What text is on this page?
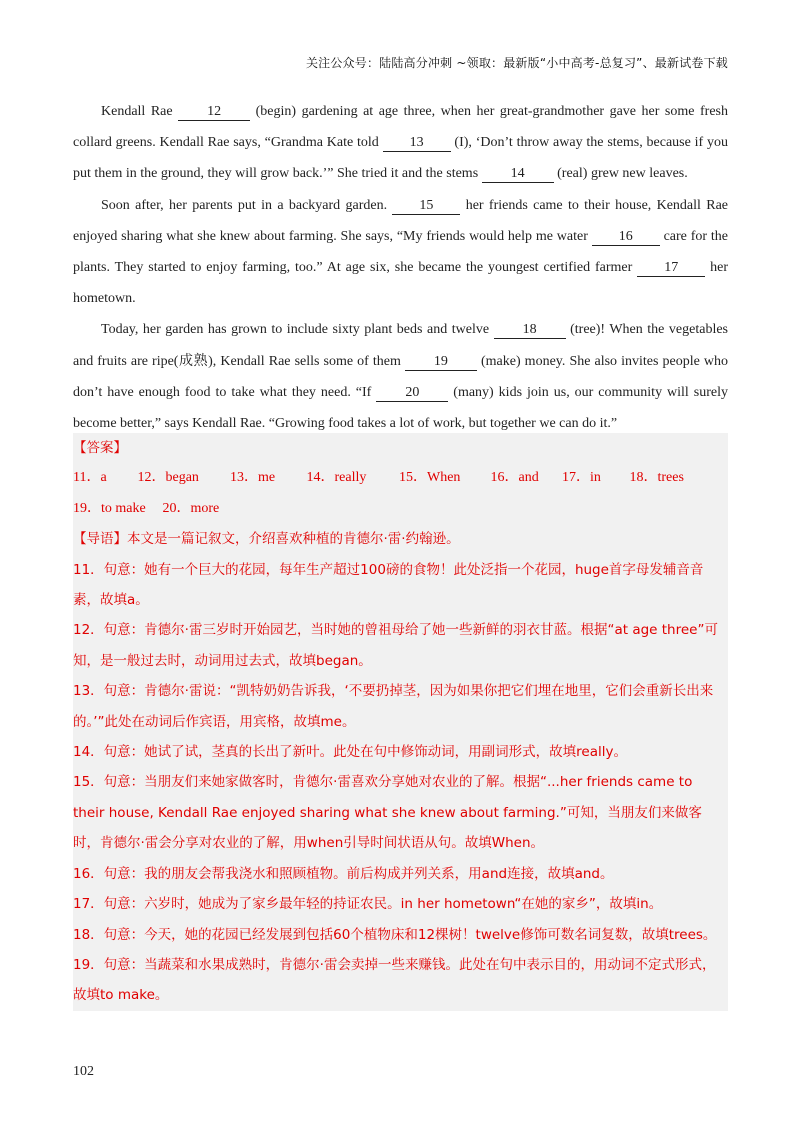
关注公众号：陆陆高分冲刺 ~领取：最新版“小中高考-总复习”、最新试卷下载

Kendall Rae 12 (begin) gardening at age three, when her great-grandmother gave her some fresh collard greens. Kendall Rae says, “Grandma Kate told 13 (I), ‘Don’t throw away the stems, because if you put them in the ground, they will grow back.’” She tried it and the stems 14 (real) grew new leaves.

Soon after, her parents put in a backyard garden. 15 her friends came to their house, Kendall Rae enjoyed sharing what she knew about farming. She says, “My friends would help me water 16 care for the plants. They started to enjoy farming, too.” At age six, she became the youngest certified farmer 17 her hometown.

Today, her garden has grown to include sixty plant beds and twelve 18 (tree)! When the vegetables and fruits are ripe(成熟), Kendall Rae sells some of them 19 (make) money. She also invites people who don’t have enough food to take what they need. “If 20 (many) kids join us, our community will surely become better,” says Kendall Rae. “Growing food takes a lot of work, but together we can do it.”

【答案】

11．a 12．began 13．me 14．really 15．When 16．and 17．in 18．trees

19．to make 20．more

【导语】本文是一篇记叙文，介绍喜欢种植的肯德尔·雷·约翰逊。

11．句意：她有一个巨大的花园，每年生产超过100磅的食物！此处泛指一个花园，huge首字母发辅音音素，故填a。

12．句意：肯德尔·雷三岁时开始园艺，当时她的曾祖母给了她一些新鲜的羽衣甘蓝。根据“at age three”可知，是一般过去时，动词用过去式，故填began。

13．句意：肯德尔·雷说：“凯特奶奶告诉我，‘不要扔掉茎，因为如果你把它们埋在地里，它们会重新长出来的。’”此处在动词后作宾语，用宾格，故填me。

14．句意：她试了试，茎真的长出了新叶。此处在句中修饰动词，用副词形式，故填really。

15．句意：当朋友们来她家做客时，肯德尔·雷喜欢分享她对农业的了解。根据“...her friends came to their house, Kendall Rae enjoyed sharing what she knew about farming.”可知，当朋友们来做客时，肯德尔·雷会分享对农业的了解，用when引导时间状语从句。故填When。

16．句意：我的朋友会帮我浇水和照顾植物。前后构成并列关系，用and连接，故填and。

17．句意：六岁时，她成为了家乡最年轻的持证农民。in her hometown“在她的家乡”，故填in。

18．句意：今天，她的花园已经发展到包括60个植物床和12棵树！twelve修饰可数名词复数，故填trees。

19．句意：当蔬菜和水果成熟时，肯德尔·雷会卖掉一些来赚钱。此处在句中表示目的，用动词不定式形式，故填to make。

102
